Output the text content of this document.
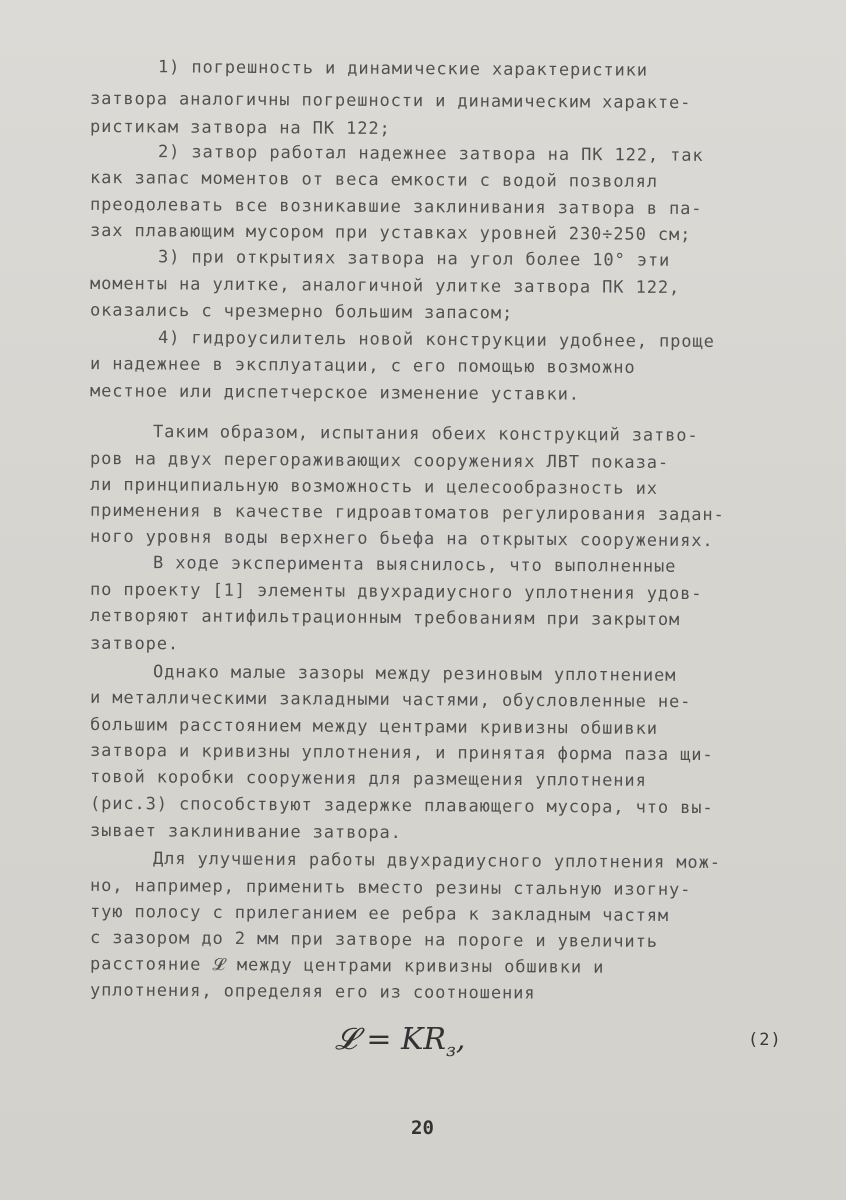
1) погрешность и динамические характеристики
затвора аналогичны погрешности и динамическим характе-
ристикам затвора на ПК 122;
2) затвор работал надежнее затвора на ПК 122, так
как запас моментов от веса емкости с водой позволял
преодолевать все возникавшие заклинивания затвора в па-
зах плавающим мусором при уставках уровней 230÷250 см;
3) при открытиях затвора на угол более 10° эти
моменты на улитке, аналогичной улитке затвора ПК 122,
оказались с чрезмерно большим запасом;
4) гидроусилитель новой конструкции удобнее, проще
и надежнее в эксплуатации, с его помощью возможно
местное или диспетчерское изменение уставки.
Таким образом, испытания обеих конструкций затво-
ров на двух перегораживающих сооружениях ЛВТ показа-
ли принципиальную возможность и целесообразность их
применения в качестве гидроавтоматов регулирования задан-
ного уровня воды верхнего бьефа на открытых сооружениях.
В ходе эксперимента выяснилось, что выполненные
по проекту [1] элементы двухрадиусного уплотнения удов-
летворяют антифильтрационным требованиям при закрытом
затворе.
Однако малые зазоры между резиновым уплотнением
и металлическими закладными частями, обусловленные не-
большим расстоянием между центрами кривизны обшивки
затвора и кривизны уплотнения, и принятая форма паза щи-
товой коробки сооружения для размещения уплотнения
(рис.3) способствуют задержке плавающего мусора, что вы-
зывает заклинивание затвора.
Для улучшения работы двухрадиусного уплотнения мож-
но, например, применить вместо резины стальную изогну-
тую полосу с прилеганием ее ребра к закладным частям
с зазором до 2 мм при затворе на пороге и увеличить
расстояние 𝓛 между центрами кривизны обшивки и
уплотнения, определяя его из соотношения
𝓛 = $KR_з$,	(2)
20
